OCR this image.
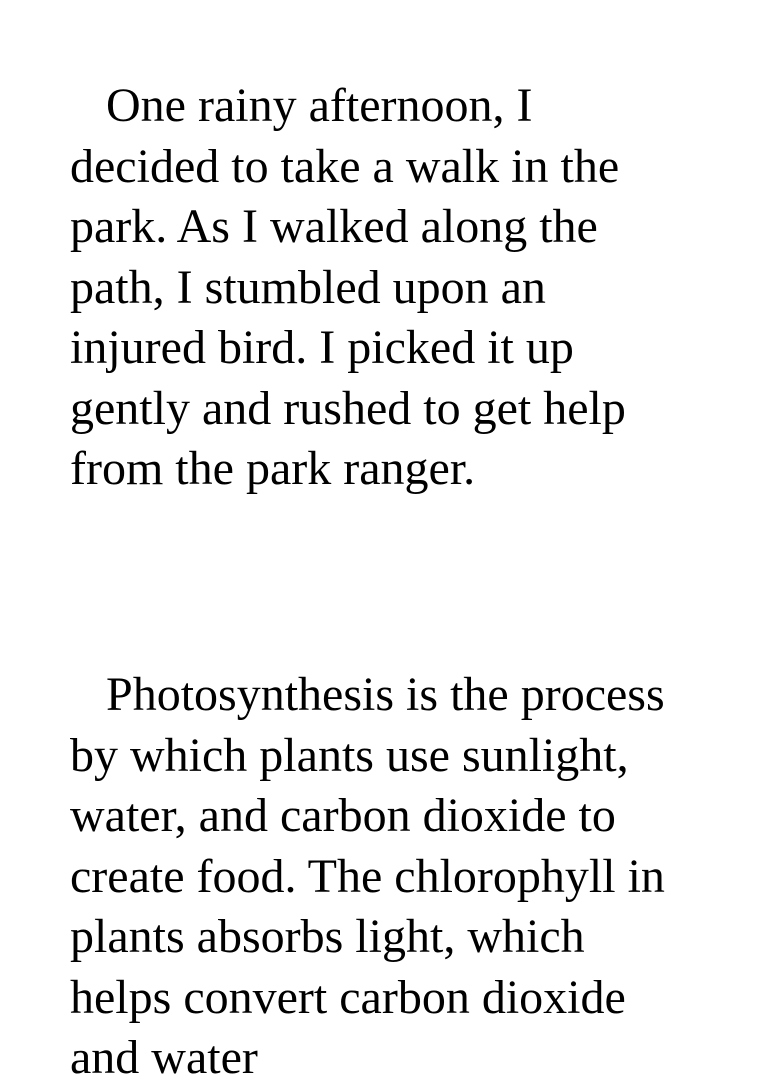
One rainy afternoon, I
decided to take a walk in the
park. As I walked along the
path, I stumbled upon an
injured bird. I picked it up
gently and rushed to get help
from the park ranger.

Photosynthesis is the process
by which plants use sunlight,
water, and carbon dioxide to
create food. The chlorophyll in
plants absorbs light, which
helps convert carbon dioxide
and water
